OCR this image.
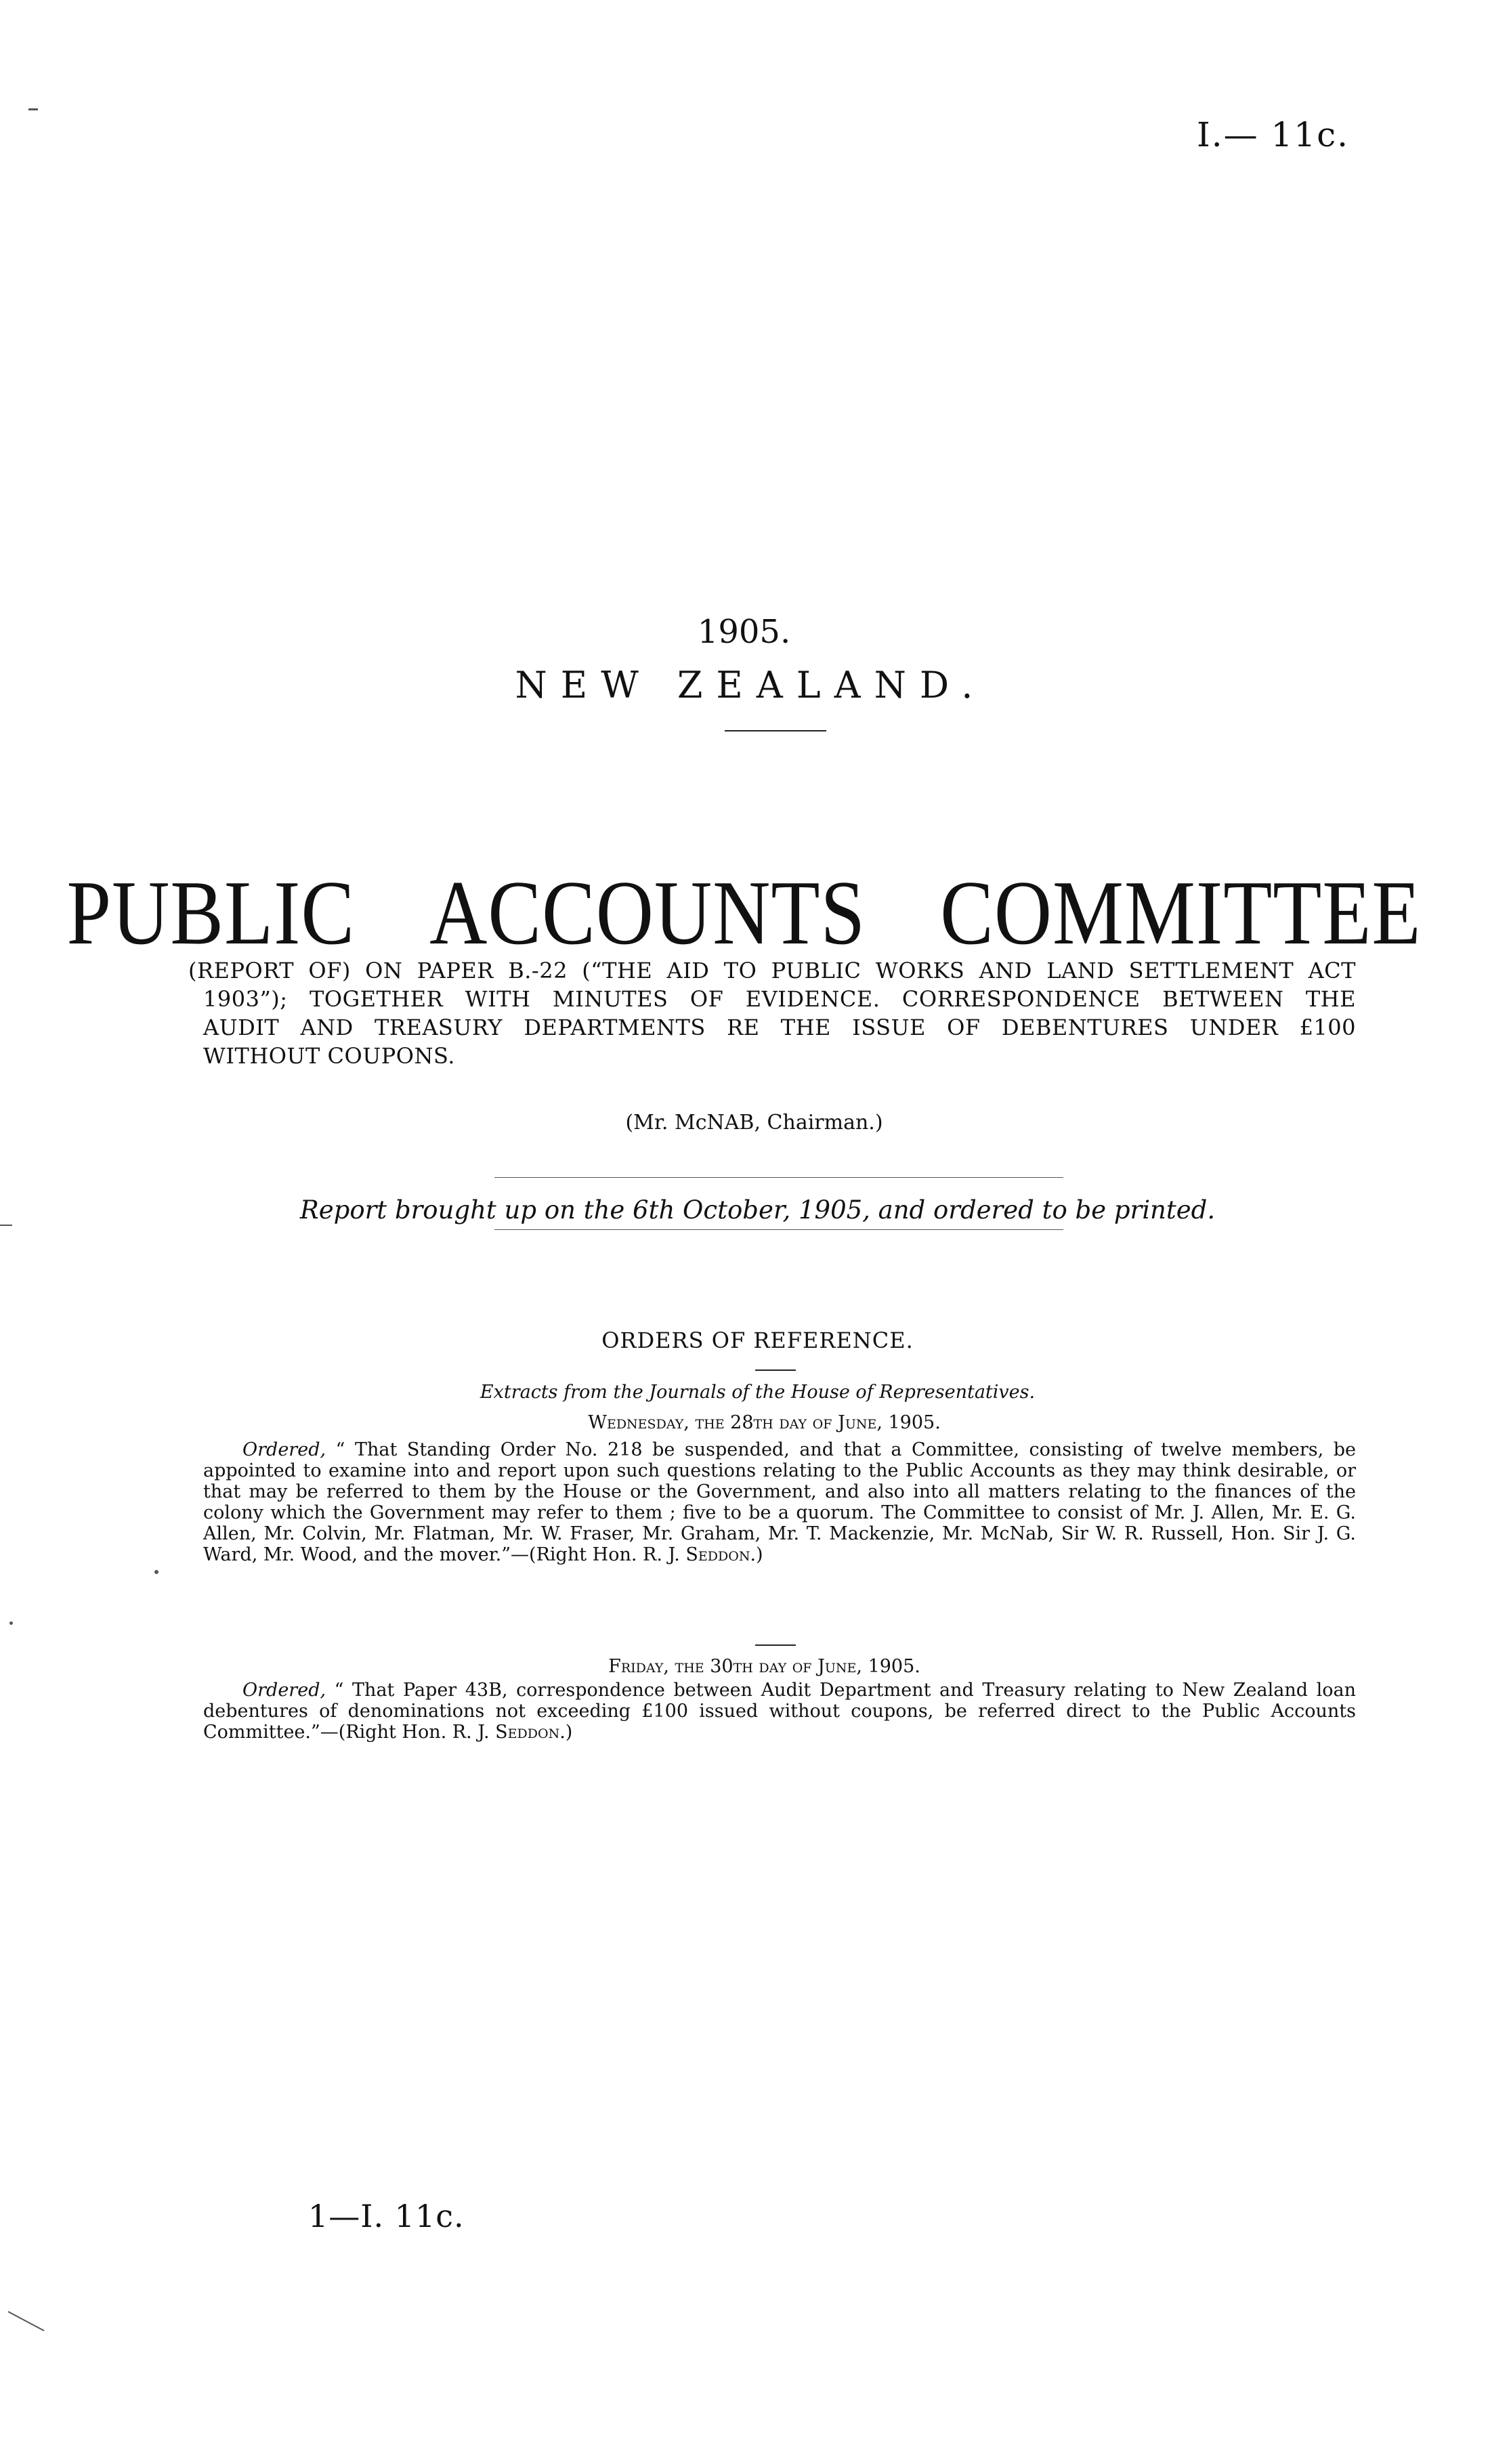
I.— 11c.
1905.
NEW ZEALAND.
PUBLIC ACCOUNTS COMMITTEE
(REPORT OF) ON PAPER B.-22 (“THE AID TO PUBLIC WORKS AND LAND SETTLEMENT ACT
1903”); TOGETHER WITH MINUTES OF EVIDENCE. CORRESPONDENCE BETWEEN THE
AUDIT AND TREASURY DEPARTMENTS RE THE ISSUE OF DEBENTURES UNDER £100
WITHOUT COUPONS.
(Mr. McNAB, Chairman.)
Report brought up on the 6th October, 1905, and ordered to be printed.
ORDERS OF REFERENCE.
Extracts from the Journals of the House of Representatives.
Wednesday, the 28th day of June, 1905.
Ordered, “ That Standing Order No. 218 be suspended, and that a Committee, consisting of twelve members, be appointed to examine into and report upon such questions relating to the Public Accounts as they may think desirable, or that may be referred to them by the House or the Government, and also into all matters relating to the finances of the colony which the Government may refer to them ; five to be a quorum. The Committee to consist of Mr. J. Allen, Mr. E. G. Allen, Mr. Colvin, Mr. Flatman, Mr. W. Fraser, Mr. Graham, Mr. T. Mackenzie, Mr. McNab, Sir W. R. Russell, Hon. Sir J. G. Ward, Mr. Wood, and the mover.”—(Right Hon. R. J. Seddon.)
Friday, the 30th day of June, 1905.
Ordered, “ That Paper 43B, correspondence between Audit Department and Treasury relating to New Zealand loan debentures of denominations not exceeding £100 issued without coupons, be referred direct to the Public Accounts Committee.”—(Right Hon. R. J. Seddon.)
1—I. 11c.
